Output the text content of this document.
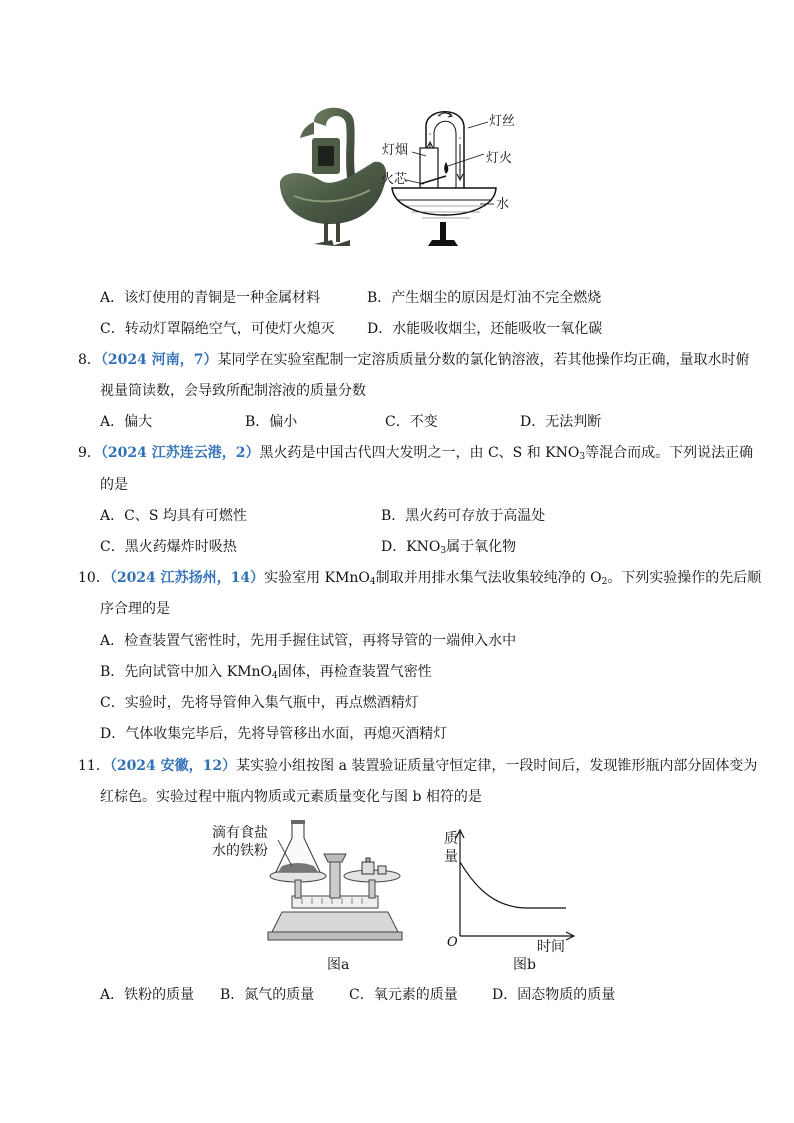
灯丝
灯烟
灯火
火芯
水
A．该灯使用的青铜是一种金属材料	B．产生烟尘的原因是灯油不完全燃烧
C．转动灯罩隔绝空气，可使灯火熄灭 D．水能吸收烟尘，还能吸收一氧化碳
8．（2024 河南，7）某同学在实验室配制一定溶质质量分数的氯化钠溶液，若其他操作均正确，量取水时俯
视量筒读数，会导致所配制溶液的质量分数
A．偏大	B．偏小	C．不变	D．无法判断
9．（2024 江苏连云港，2）黑火药是中国古代四大发明之一，由 C、S 和 $KNO_3$等混合而成。下列说法正确
的是
A．C、S 均具有可燃性	B．黑火药可存放于高温处
C．黑火药爆炸时吸热	D．$KNO_3$属于氧化物
10．（2024 江苏扬州，14）实验室用 KMnO$_4$制取并用排水集气法收集较纯净的 $O_2$。下列实验操作的先后顺
序合理的是
A．检查装置气密性时，先用手握住试管，再将导管的一端伸入水中
B．先向试管中加入 KMnO$_4$固体，再检查装置气密性
C．实验时，先将导管伸入集气瓶中，再点燃酒精灯
D．气体收集完毕后，先将导管移出水面，再熄灭酒精灯
11．（2024 安徽，12）某实验小组按图 a 装置验证质量守恒定律，一段时间后，发现锥形瓶内部分固体变为
红棕色。实验过程中瓶内物质或元素质量变化与图 b 相符的是
滴有食盐
水的铁粉
图a
质
量
O	时间
图b
A．铁粉的质量 B．氮气的质量 C．氧元素的质量 D．固态物质的质量
